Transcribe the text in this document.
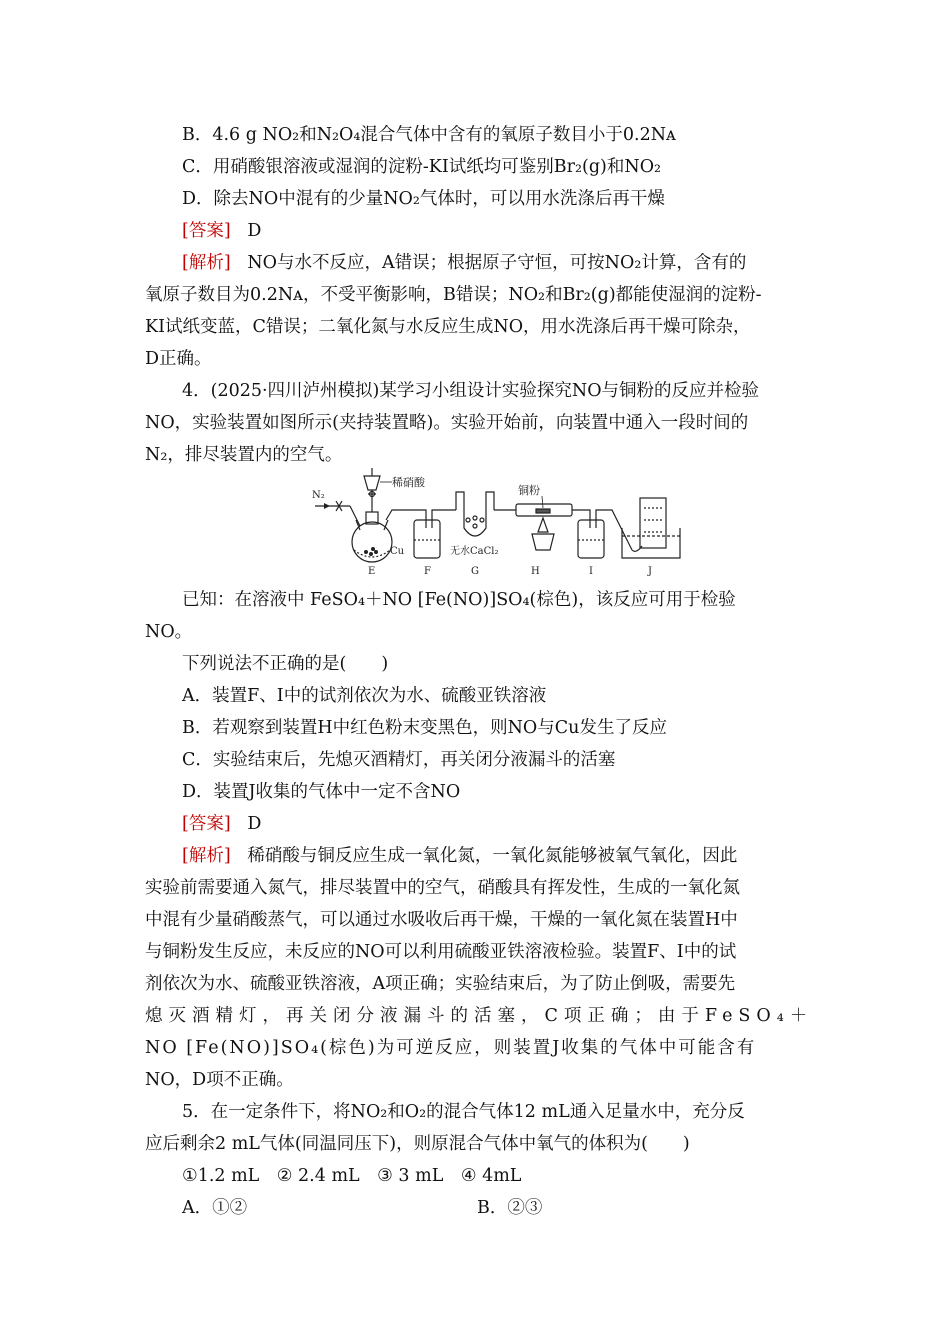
B．4.6 g NO₂和N₂O₄混合气体中含有的氧原子数目小于0.2Nᴀ
C．用硝酸银溶液或湿润的淀粉-KI试纸均可鉴别Br₂(g)和NO₂
D．除去NO中混有的少量NO₂气体时，可以用水洗涤后再干燥
[答案] D
[解析] NO与水不反应，A错误；根据原子守恒，可按NO₂计算，含有的
氧原子数目为0.2Nᴀ，不受平衡影响，B错误；NO₂和Br₂(g)都能使湿润的淀粉-
KI试纸变蓝，C错误；二氧化氮与水反应生成NO，用水洗涤后再干燥可除杂，
D正确。
4．(2025·四川泸州模拟)某学习小组设计实验探究NO与铜粉的反应并检验
NO，实验装置如图所示(夹持装置略)。实验开始前，向装置中通入一段时间的
N₂，排尽装置内的空气。
N₂
稀硝酸
Cu	无水CaCl₂
铜粉
E	F	G	H	I	J
已知：在溶液中 FeSO₄＋NO [Fe(NO)]SO₄(棕色)，该反应可用于检验
NO。
下列说法不正确的是(　　)
A．装置F、I中的试剂依次为水、硫酸亚铁溶液
B．若观察到装置H中红色粉末变黑色，则NO与Cu发生了反应
C．实验结束后，先熄灭酒精灯，再关闭分液漏斗的活塞
D．装置J收集的气体中一定不含NO
[答案] D
[解析] 稀硝酸与铜反应生成一氧化氮，一氧化氮能够被氧气氧化，因此
实验前需要通入氮气，排尽装置中的空气，硝酸具有挥发性，生成的一氧化氮
中混有少量硝酸蒸气，可以通过水吸收后再干燥，干燥的一氧化氮在装置H中
与铜粉发生反应，未反应的NO可以利用硫酸亚铁溶液检验。装置F、I中的试
剂依次为水、硫酸亚铁溶液，A项正确；实验结束后，为了防止倒吸，需要先
熄灭酒精灯，再关闭分液漏斗的活塞，C项正确；由于FeSO₄＋
NO [Fe(NO)]SO₄(棕色)为可逆反应，则装置J收集的气体中可能含有
NO，D项不正确。
5．在一定条件下，将NO₂和O₂的混合气体12 mL通入足量水中，充分反
应后剩余2 mL气体(同温同压下)，则原混合气体中氧气的体积为(　　)
①1.2 mL　② 2.4 mL　③ 3 mL　④ 4mL
A．①②	B．②③
